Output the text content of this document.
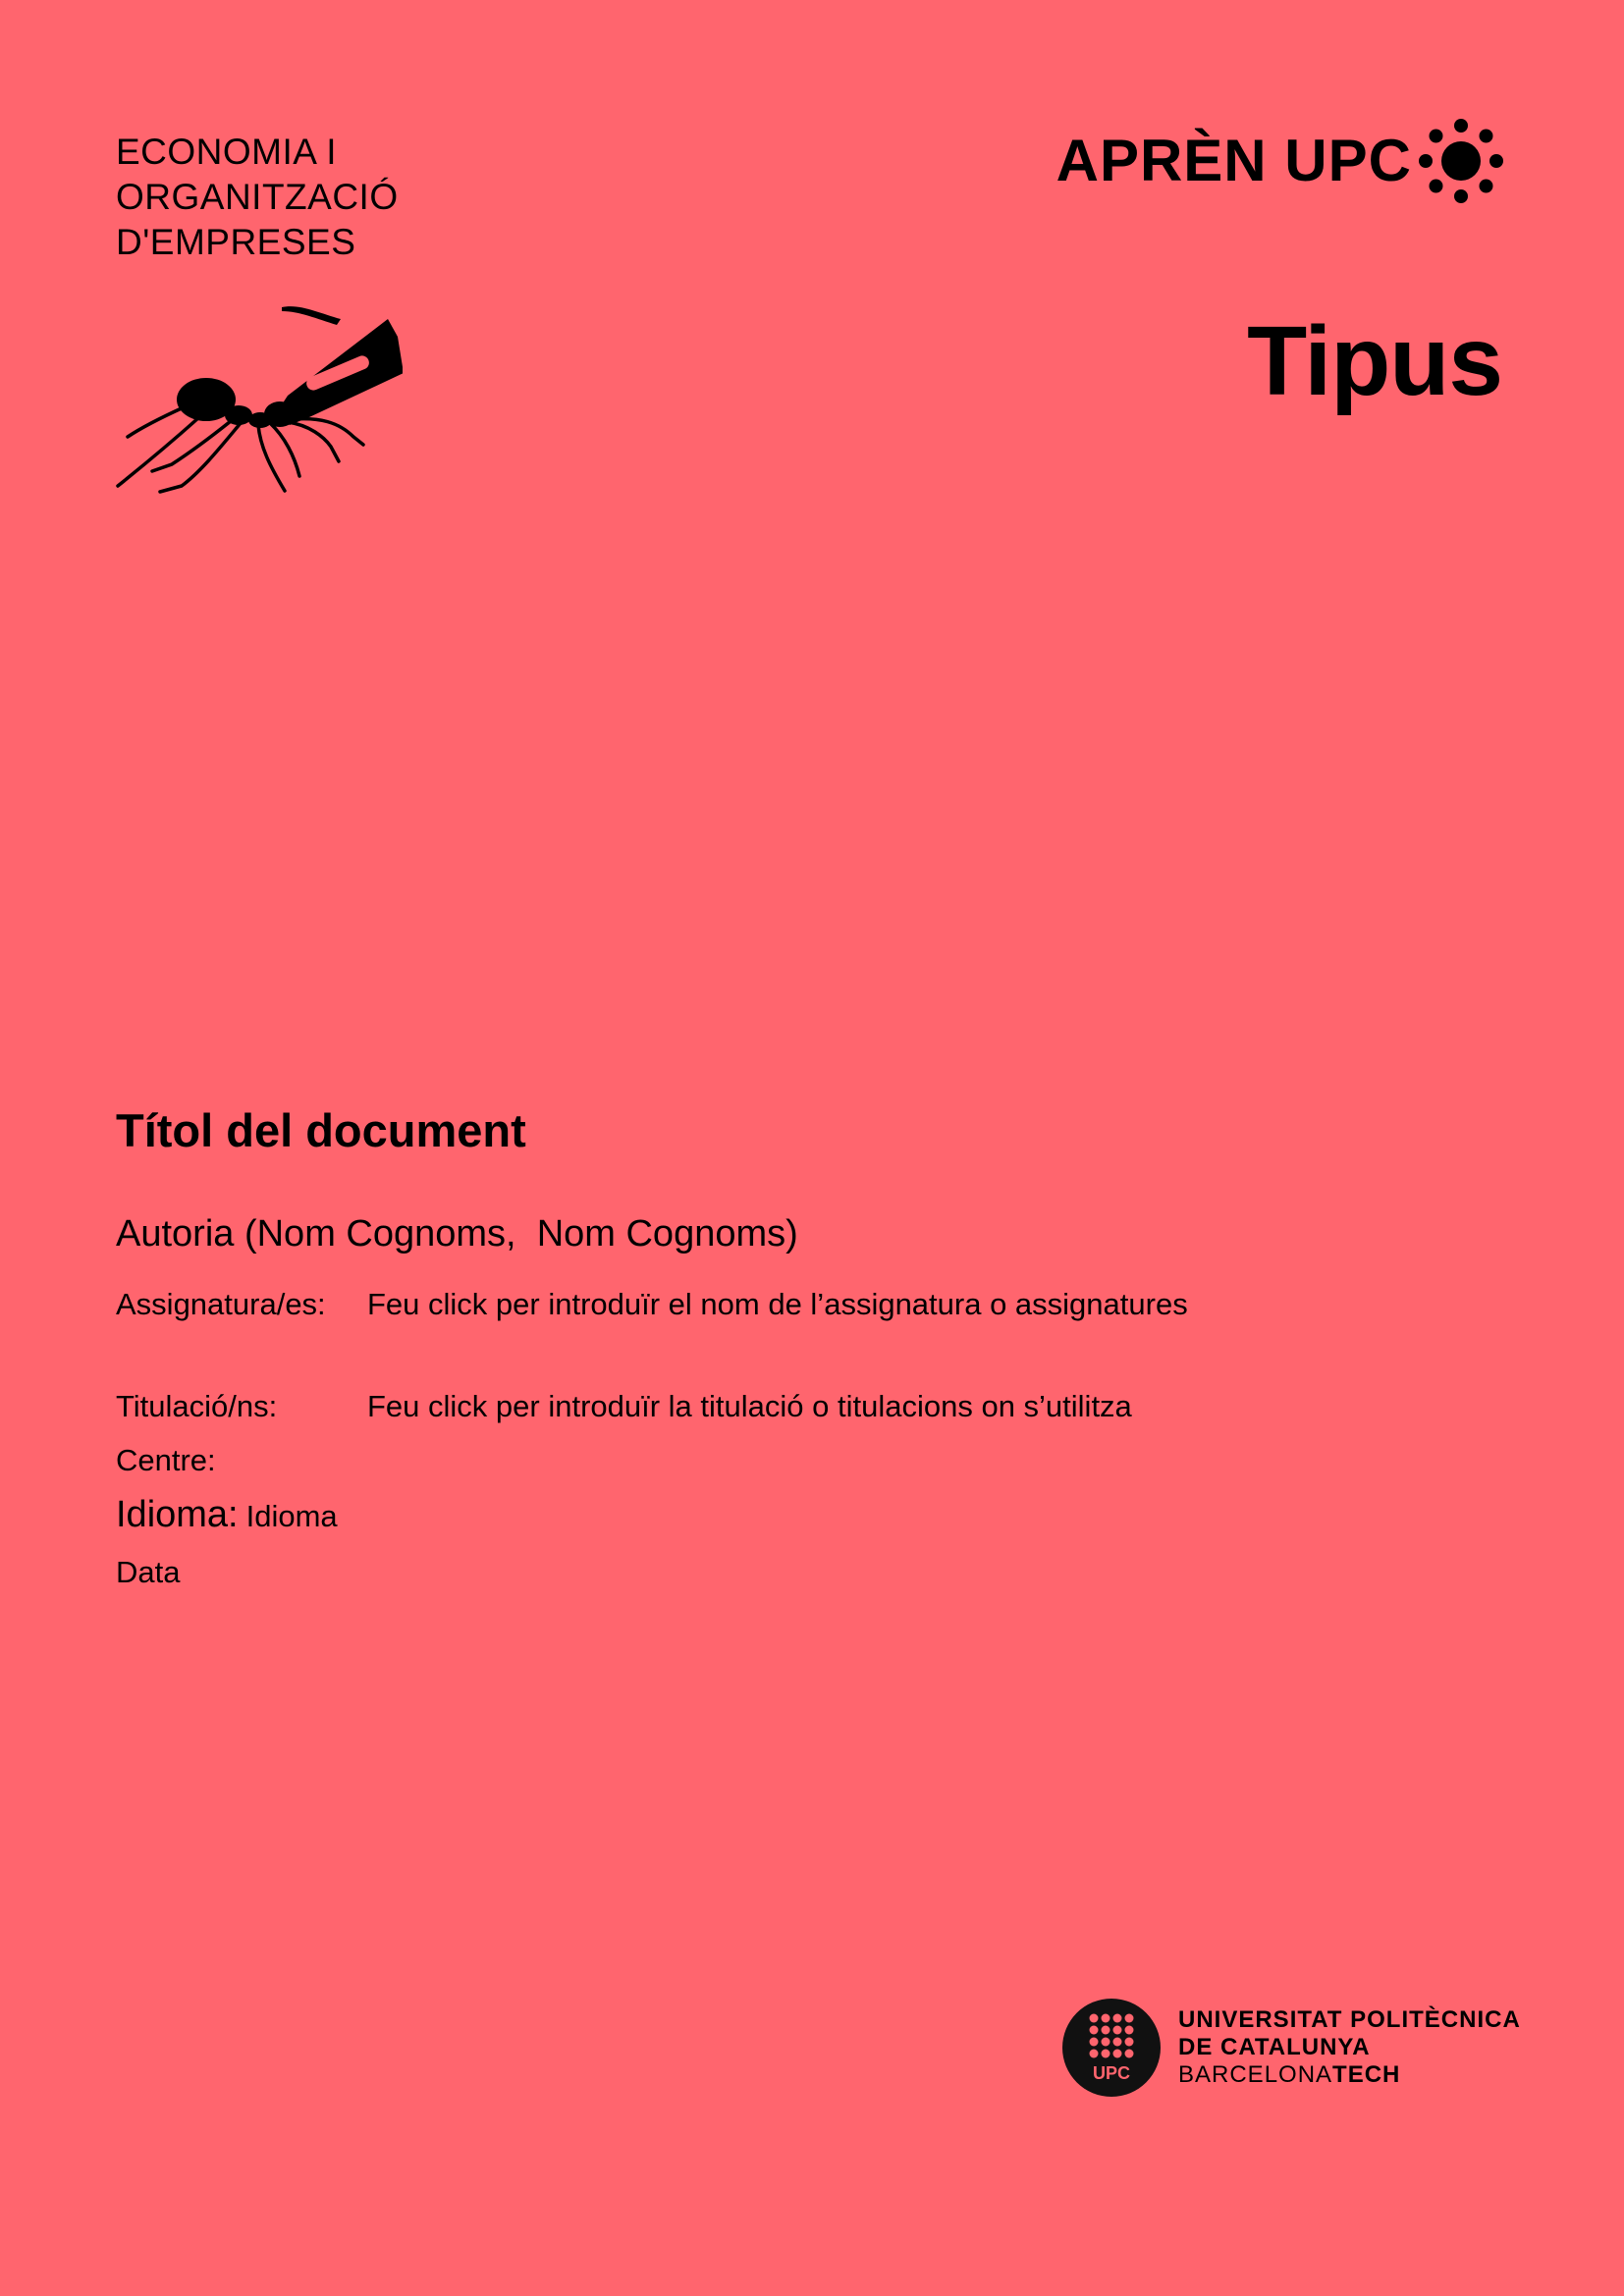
ECONOMIA I
ORGANITZACIÓ
D'EMPRESES
APRÈN UPC
Tipus
Títol del document
Autoria (Nom Cognoms,  Nom Cognoms)
Assignatura/es: Feu click per introduïr el nom de l’assignatura o assignatures
Titulació/ns:	Feu click per introduïr la titulació o titulacions on s’utilitza
Centre:
Idioma: Idioma
Data
UPC
UNIVERSITAT POLITÈCNICA
DE CATALUNYA
BARCELONATECH
